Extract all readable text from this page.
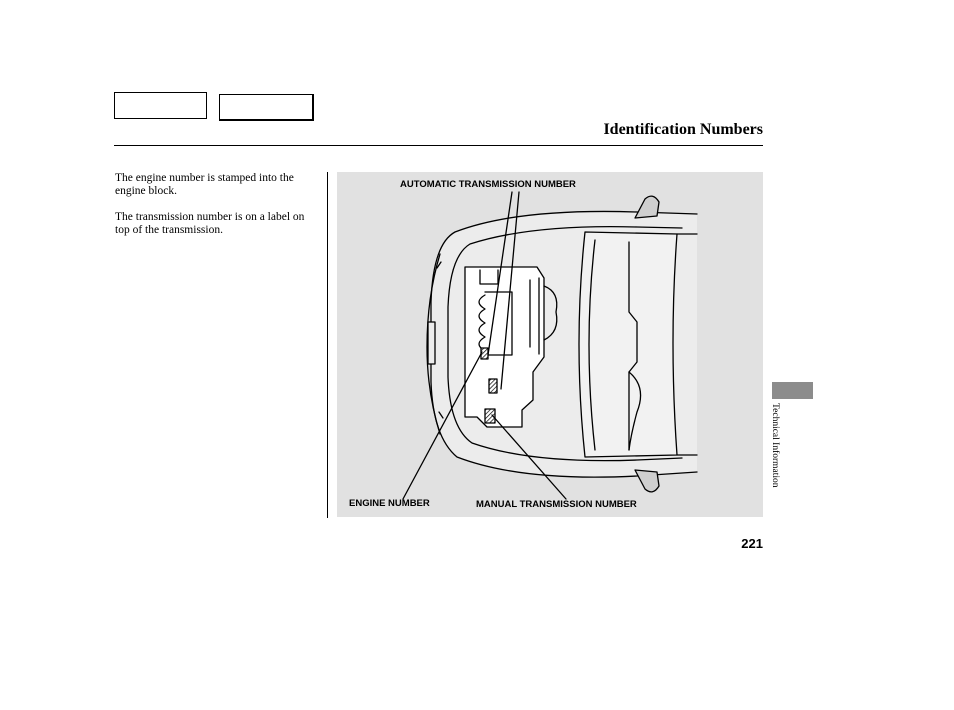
Identification Numbers

The engine number is stamped into the engine block.

The transmission number is on a label on top of the transmission.

AUTOMATIC TRANSMISSION NUMBER
ENGINE NUMBER	MANUAL TRANSMISSION NUMBER
Technical Information
221
